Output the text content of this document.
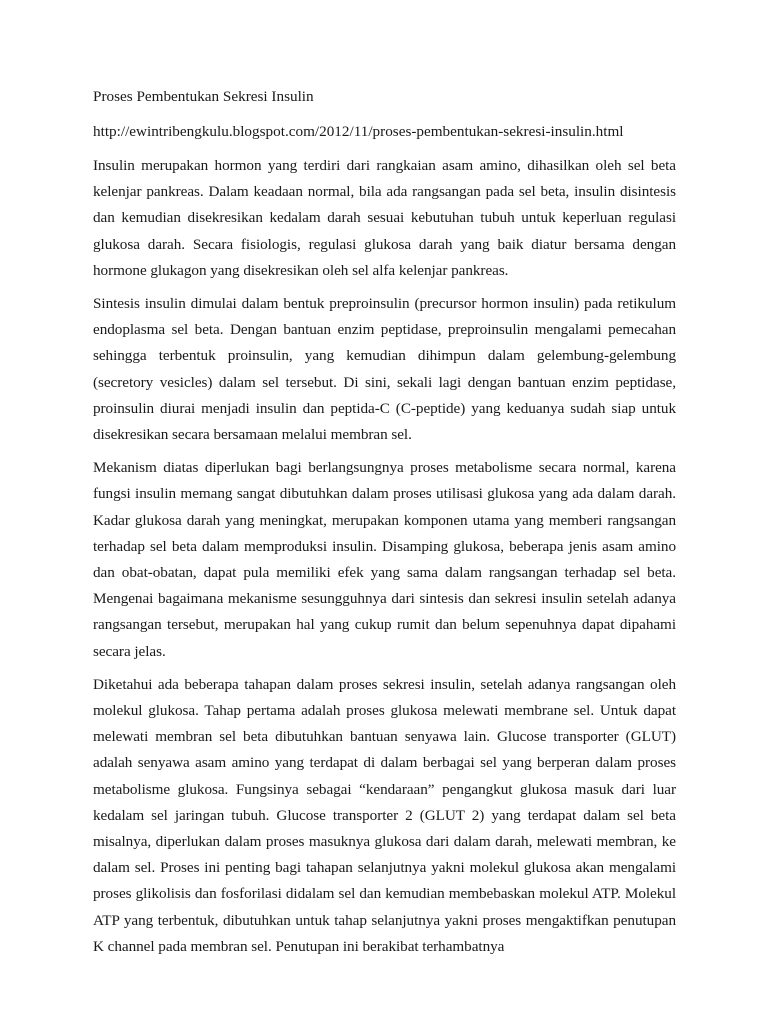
Proses Pembentukan Sekresi Insulin
http://ewintribengkulu.blogspot.com/2012/11/proses-pembentukan-sekresi-insulin.html

Insulin merupakan hormon yang terdiri dari rangkaian asam amino, dihasilkan oleh sel beta kelenjar pankreas. Dalam keadaan normal, bila ada rangsangan pada sel beta, insulin disintesis dan kemudian disekresikan kedalam darah sesuai kebutuhan tubuh untuk keperluan regulasi glukosa darah. Secara fisiologis, regulasi glukosa darah yang baik diatur bersama dengan hormone glukagon yang disekresikan oleh sel alfa kelenjar pankreas.

Sintesis insulin dimulai dalam bentuk preproinsulin (precursor hormon insulin) pada retikulum endoplasma sel beta. Dengan bantuan enzim peptidase, preproinsulin mengalami pemecahan sehingga terbentuk proinsulin, yang kemudian dihimpun dalam gelembung-gelembung (secretory vesicles) dalam sel tersebut. Di sini, sekali lagi dengan bantuan enzim peptidase, proinsulin diurai menjadi insulin dan peptida-C (C-peptide) yang keduanya sudah siap untuk disekresikan secara bersamaan melalui membran sel.

Mekanism diatas diperlukan bagi berlangsungnya proses metabolisme secara normal, karena fungsi insulin memang sangat dibutuhkan dalam proses utilisasi glukosa yang ada dalam darah. Kadar glukosa darah yang meningkat, merupakan komponen utama yang memberi rangsangan terhadap sel beta dalam memproduksi insulin. Disamping glukosa, beberapa jenis asam amino dan obat-obatan, dapat pula memiliki efek yang sama dalam rangsangan terhadap sel beta. Mengenai bagaimana mekanisme sesungguhnya dari sintesis dan sekresi insulin setelah adanya rangsangan tersebut, merupakan hal yang cukup rumit dan belum sepenuhnya dapat dipahami secara jelas.

Diketahui ada beberapa tahapan dalam proses sekresi insulin, setelah adanya rangsangan oleh molekul glukosa. Tahap pertama adalah proses glukosa melewati membrane sel. Untuk dapat melewati membran sel beta dibutuhkan bantuan senyawa lain. Glucose transporter (GLUT) adalah senyawa asam amino yang terdapat di dalam berbagai sel yang berperan dalam proses metabolisme glukosa. Fungsinya sebagai “kendaraan” pengangkut glukosa masuk dari luar kedalam sel jaringan tubuh. Glucose transporter 2 (GLUT 2) yang terdapat dalam sel beta misalnya, diperlukan dalam proses masuknya glukosa dari dalam darah, melewati membran, ke dalam sel. Proses ini penting bagi tahapan selanjutnya yakni molekul glukosa akan mengalami proses glikolisis dan fosforilasi didalam sel dan kemudian membebaskan molekul ATP. Molekul ATP yang terbentuk, dibutuhkan untuk tahap selanjutnya yakni proses mengaktifkan penutupan K channel pada membran sel. Penutupan ini berakibat terhambatnya
